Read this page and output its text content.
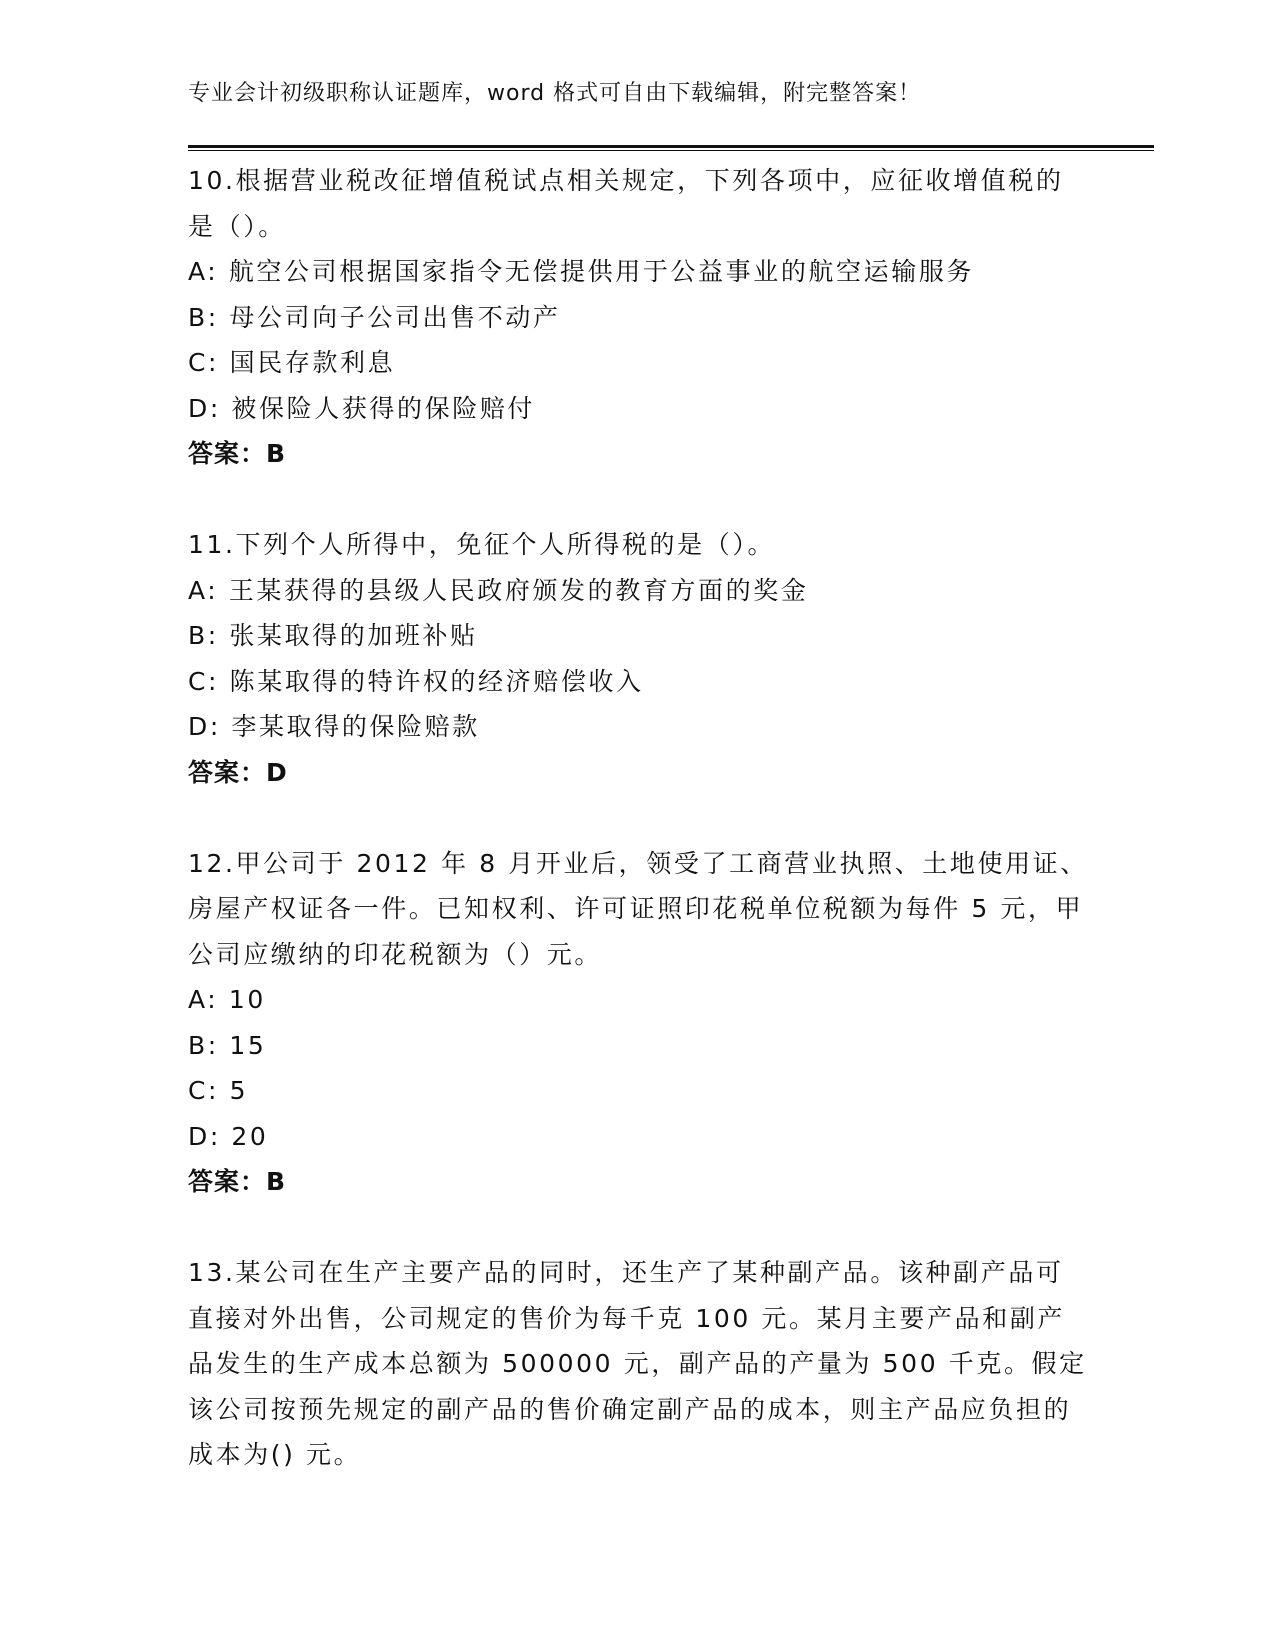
专业会计初级职称认证题库，word 格式可自由下载编辑，附完整答案！

10.根据营业税改征增值税试点相关规定，下列各项中，应征收增值税的是（）。

A: 航空公司根据国家指令无偿提供用于公益事业的航空运输服务

B: 母公司向子公司出售不动产

C: 国民存款利息

D: 被保险人获得的保险赔付

答案：B

11.下列个人所得中，免征个人所得税的是（）。

A: 王某获得的县级人民政府颁发的教育方面的奖金

B: 张某取得的加班补贴

C: 陈某取得的特许权的经济赔偿收入

D: 李某取得的保险赔款

答案：D

12.甲公司于 2012 年 8 月开业后，领受了工商营业执照、土地使用证、房屋产权证各一件。已知权利、许可证照印花税单位税额为每件 5 元，甲公司应缴纳的印花税额为（）元。

A: 10

B: 15

C: 5

D: 20

答案：B

13.某公司在生产主要产品的同时，还生产了某种副产品。该种副产品可直接对外出售，公司规定的售价为每千克 100 元。某月主要产品和副产品发生的生产成本总额为 500000 元，副产品的产量为 500 千克。假定该公司按预先规定的副产品的售价确定副产品的成本，则主产品应负担的成本为() 元。
